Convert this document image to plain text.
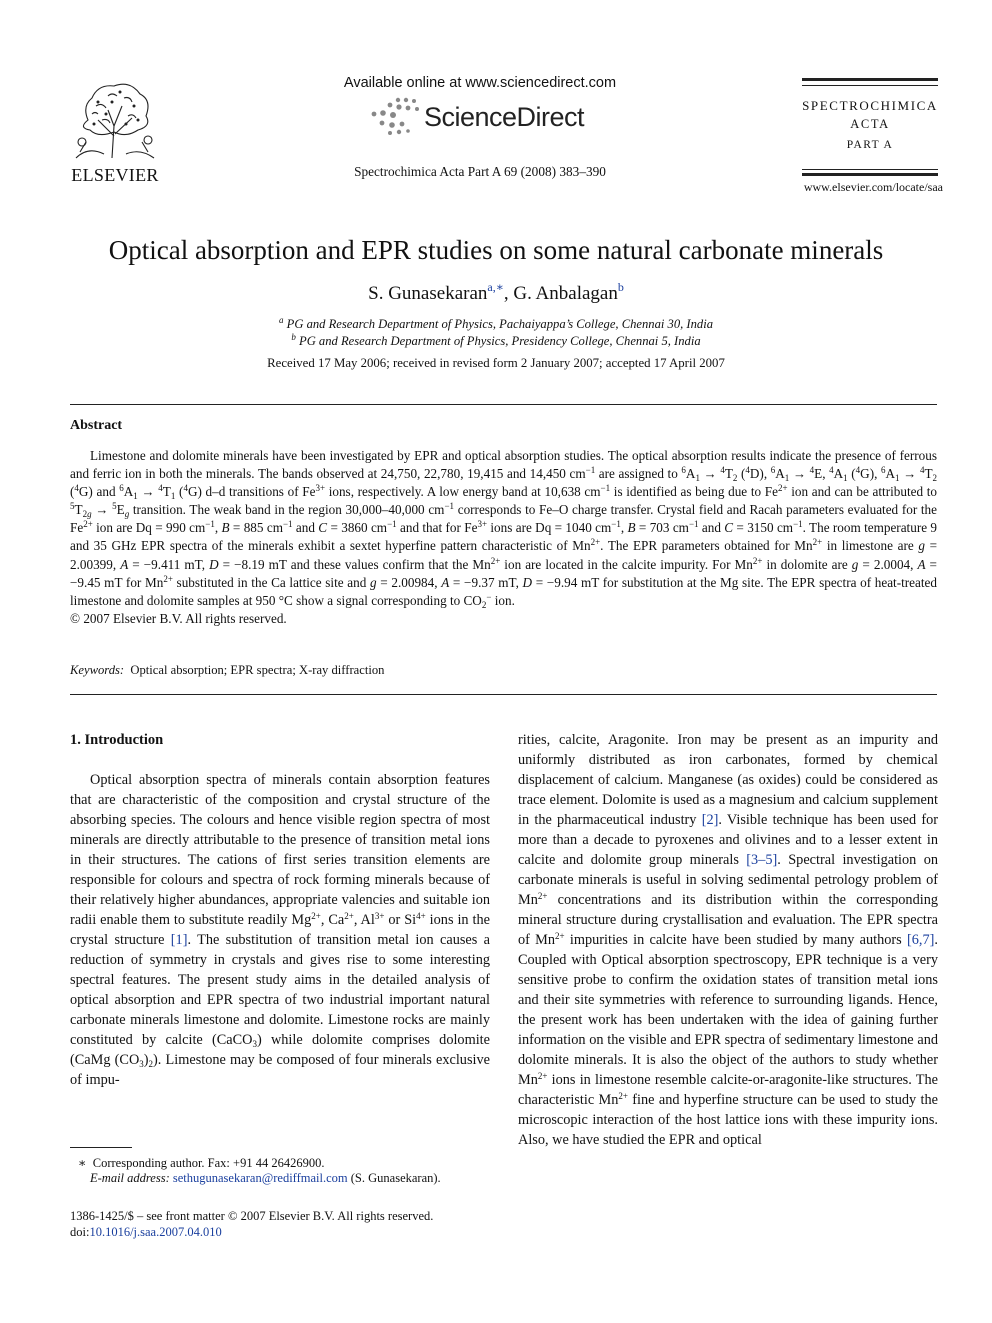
ELSEVIER
Available online at www.sciencedirect.com
ScienceDirect
Spectrochimica Acta Part A 69 (2008) 383–390
SPECTROCHIMICA
ACTA
PART A
www.elsevier.com/locate/saa
Optical absorption and EPR studies on some natural carbonate minerals
S. Gunasekaran$^{a,∗}$, G. Anbalagan$^b$
$^a$ PG and Research Department of Physics, Pachaiyappa’s College, Chennai 30, India
$^b$ PG and Research Department of Physics, Presidency College, Chennai 5, India
Received 17 May 2006; received in revised form 2 January 2007; accepted 17 April 2007
Abstract

Limestone and dolomite minerals have been investigated by EPR and optical absorption studies. The optical absorption results indicate the presence of ferrous and ferric ion in both the minerals. The bands observed at 24,750, 22,780, 19,415 and 14,450 $cm^{-1}$ are assigned to $^6A_1 \to ^4T_2$ ($^4$D), $^6A_1 \to ^4E$, $^4A_1$ ($^4$G), $^6A_1 \to ^4T_2$ ($^4$G) and $^6A_1 \to ^4T_1$ ($^4$G) d–d transitions of $Fe^{3+}$ ions, respectively. A low energy band at 10,638 $cm^{-1}$ is identified as being due to $Fe^{2+}$ ion and can be attributed to $^5T_{2g} \to ^5E_g$ transition. The weak band in the region 30,000–40,000 $cm^{-1}$ corresponds to Fe–O charge transfer. Crystal field and Racah parameters evaluated for the $Fe^{2+}$ ion are Dq = 990 $cm^{-1}$, B = 885 $cm^{-1}$ and C = 3860 $cm^{-1}$ and that for $Fe^{3+}$ ions are Dq = 1040 $cm^{-1}$, B = 703 $cm^{-1}$ and C = 3150 $cm^{-1}$. The room temperature 9 and 35 GHz EPR spectra of the minerals exhibit a sextet hyperfine pattern characteristic of $Mn^{2+}$. The EPR parameters obtained for $Mn^{2+}$ in limestone are g = 2.00399, A = −9.411 mT, D = −8.19 mT and these values confirm that the $Mn^{2+}$ ion are located in the calcite impurity. For $Mn^{2+}$ in dolomite are g = 2.0004, A = −9.45 mT for $Mn^{2+}$ substituted in the Ca lattice site and g = 2.00984, A = −9.37 mT, D = −9.94 mT for substitution at the Mg site. The EPR spectra of heat-treated limestone and dolomite samples at 950 °C show a signal corresponding to $CO_2^-$ ion.

© 2007 Elsevier B.V. All rights reserved.

Keywords: Optical absorption; EPR spectra; X-ray diffraction

1. Introduction

Optical absorption spectra of minerals contain absorption features that are characteristic of the composition and crystal structure of the absorbing species. The colours and hence visible region spectra of most minerals are directly attributable to the presence of transition metal ions in their structures. The cations of first series transition elements are responsible for colours and spectra of rock forming minerals because of their relatively higher abundances, appropriate valencies and suitable ion radii enable them to substitute readily $Mg^{2+}$, $Ca^{2+}$, $Al^{3+}$ or $Si^{4+}$ ions in the crystal structure [1]. The substitution of transition metal ion causes a reduction of symmetry in crystals and gives rise to some interesting spectral features. The present study aims in the detailed analysis of optical absorption and EPR spectra of two industrial important natural carbonate minerals limestone and dolomite. Limestone rocks are mainly constituted by calcite (CaCO$_3$) while dolomite comprises dolomite (CaMg $(CO_3)_2$). Limestone may be composed of four minerals exclusive of impu-

rities, calcite, Aragonite. Iron may be present as an impurity and uniformly distributed as iron carbonates, formed by chemical displacement of calcium. Manganese (as oxides) could be considered as trace element. Dolomite is used as a magnesium and calcium supplement in the pharmaceutical industry [2]. Visible technique has been used for more than a decade to pyroxenes and olivines and to a lesser extent in calcite and dolomite group minerals [3–5]. Spectral investigation on carbonate minerals is useful in solving sedimental petrology problem of $Mn^{2+}$ concentrations and its distribution within the corresponding mineral structure during crystallisation and evaluation. The EPR spectra of $Mn^{2+}$ impurities in calcite have been studied by many authors [6,7]. Coupled with Optical absorption spectroscopy, EPR technique is a very sensitive probe to confirm the oxidation states of transition metal ions and their site symmetries with reference to surrounding ligands. Hence, the present work has been undertaken with the idea of gaining further information on the visible and EPR spectra of sedimentary limestone and dolomite minerals. It is also the object of the authors to study whether $Mn^{2+}$ ions in limestone resemble calcite-or-aragonite-like structures. The characteristic $Mn^{2+}$ fine and hyperfine structure can be used to study the microscopic interaction of the host lattice ions with these impurity ions. Also, we have studied the EPR and optical

∗ Corresponding author. Fax: +91 44 26426900.
E-mail address: sethugunasekaran@rediffmail.com (S. Gunasekaran).
1386-1425/$ – see front matter © 2007 Elsevier B.V. All rights reserved.
doi:10.1016/j.saa.2007.04.010
